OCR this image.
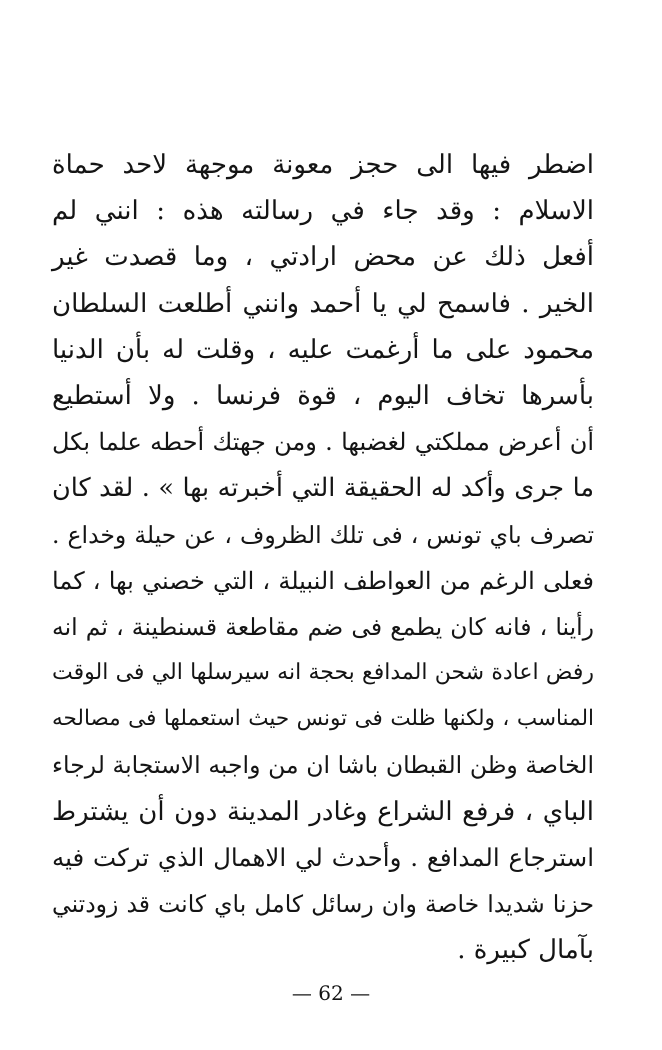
اضطر فيها الى حجز معونة موجهة لاحد حماة
الاسلام : وقد جاء في رسالته هذه : انني لم
أفعل ذلك عن محض ارادتي ، وما قصدت غير
الخير . فاسمح لي يا أحمد وانني أطلعت السلطان
محمود على ما أرغمت عليه ، وقلت له بأن الدنيا
بأسرها تخاف اليوم ، قوة فرنسا . ولا أستطيع
أن أعرض مملكتي لغضبها . ومن جهتك أحطه علما بكل
ما جرى وأكد له الحقيقة التي أخبرته بها » . لقد كان
تصرف باي تونس ، فى تلك الظروف ، عن حيلة وخداع .
فعلى الرغم من العواطف النبيلة ، التي خصني بها ، كما
رأينا ، فانه كان يطمع فى ضم مقاطعة قسنطينة ، ثم انه
رفض اعادة شحن المدافع بحجة انه سيرسلها الي فى الوقت
المناسب ، ولكنها ظلت فى تونس حيث استعملها فى مصالحه
الخاصة وظن القبطان باشا ان من واجبه الاستجابة لرجاء
الباي ، فرفع الشراع وغادر المدينة دون أن يشترط
استرجاع المدافع . وأحدث لي الاهمال الذي تركت فيه
حزنا شديدا خاصة وان رسائل كامل باي كانت قد زودتني
بآمال كبيرة .
— 62 —
